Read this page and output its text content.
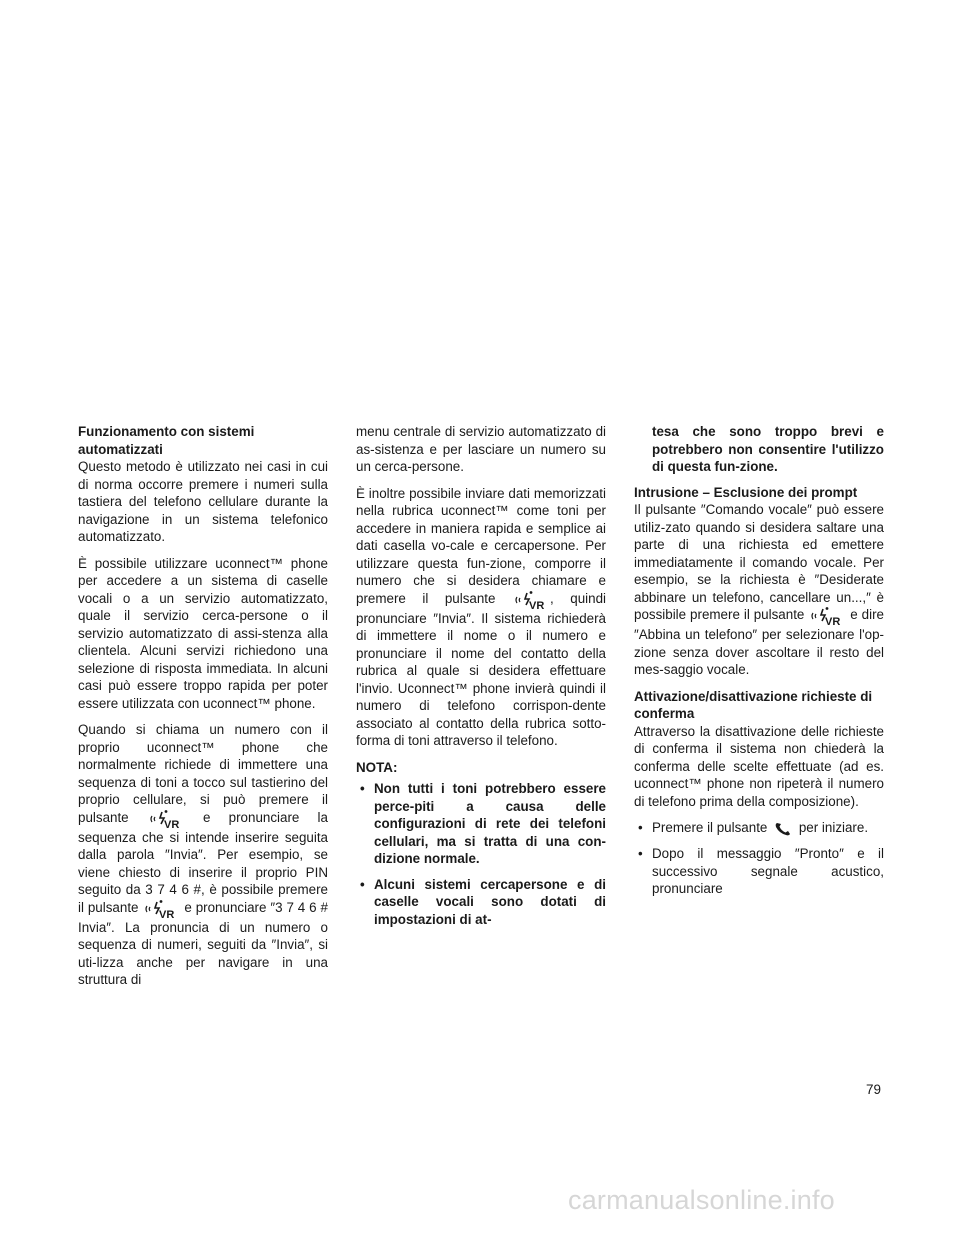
Funzionamento con sistemi automatizzati

Questo metodo è utilizzato nei casi in cui di norma occorre premere i numeri sulla tastiera del telefono cellulare durante la navigazione in un sistema telefonico automatizzato.

È possibile utilizzare uconnect™ phone per accedere a un sistema di caselle vocali o a un servizio automatizzato, quale il servizio cerca-persone o il servizio automatizzato di assi-stenza alla clientela. Alcuni servizi richiedono una selezione di risposta immediata. In alcuni casi può essere troppo rapida per poter essere utilizzata con uconnect™ phone.

Quando si chiama un numero con il proprio uconnect™ phone che normalmente richiede di immettere una sequenza di toni a tocco sul tastierino del proprio cellulare, si può premere il pulsante	e pronunciare la sequenza che si intende inserire seguita dalla parola ″Invia″. Per esempio, se viene chiesto di inserire il proprio PIN seguito da 3 7 4 6 #, è possibile premere il pulsante	e pronunciare ″3 7 4 6 # Invia″. La pronuncia di un numero o sequenza di numeri, seguiti da ″Invia″, si uti-lizza anche per navigare in una struttura di

menu centrale di servizio automatizzato di as-sistenza e per lasciare un numero su un cerca-persone.

È inoltre possibile inviare dati memorizzati nella rubrica uconnect™ come toni per accedere in maniera rapida e semplice ai dati casella vo-cale e cercapersone. Per utilizzare questa fun-zione, comporre il numero che si desidera chiamare e premere il pulsante	, quindi pronunciare ″Invia″. Il sistema richiederà di immettere il nome o il numero e pronunciare il nome del contatto della rubrica al quale si desidera effettuare l'invio. Uconnect™ phone invierà quindi il numero di telefono corrispon-dente associato al contatto della rubrica sotto-forma di toni attraverso il telefono.

NOTA:
• Non tutti i toni potrebbero essere perce-piti a causa delle configurazioni di rete dei telefoni cellulari, ma si tratta di una con-dizione normale.
• Alcuni sistemi cercapersone e di caselle vocali sono dotati di impostazioni di at-
tesa che sono troppo brevi e potrebbero non consentire l'utilizzo di questa fun-zione.
Intrusione – Esclusione dei prompt

Il pulsante ″Comando vocale″ può essere utiliz-zato quando si desidera saltare una parte di una richiesta ed emettere immediatamente il comando vocale. Per esempio, se la richiesta è ″Desiderate abbinare un telefono, cancellare un...,″ è possibile premere il pulsante	e dire ″Abbina un telefono″ per selezionare l'op-zione senza dover ascoltare il resto del mes-saggio vocale.

Attivazione/disattivazione richieste di conferma

Attraverso la disattivazione delle richieste di conferma il sistema non chiederà la conferma delle scelte effettuate (ad es. uconnect™ phone non ripeterà il numero di telefono prima della composizione).

• Premere il pulsante per iniziare.
• Dopo il messaggio ″Pronto″ e il successivo segnale acustico, pronunciare
79
carmanualsonline.info
